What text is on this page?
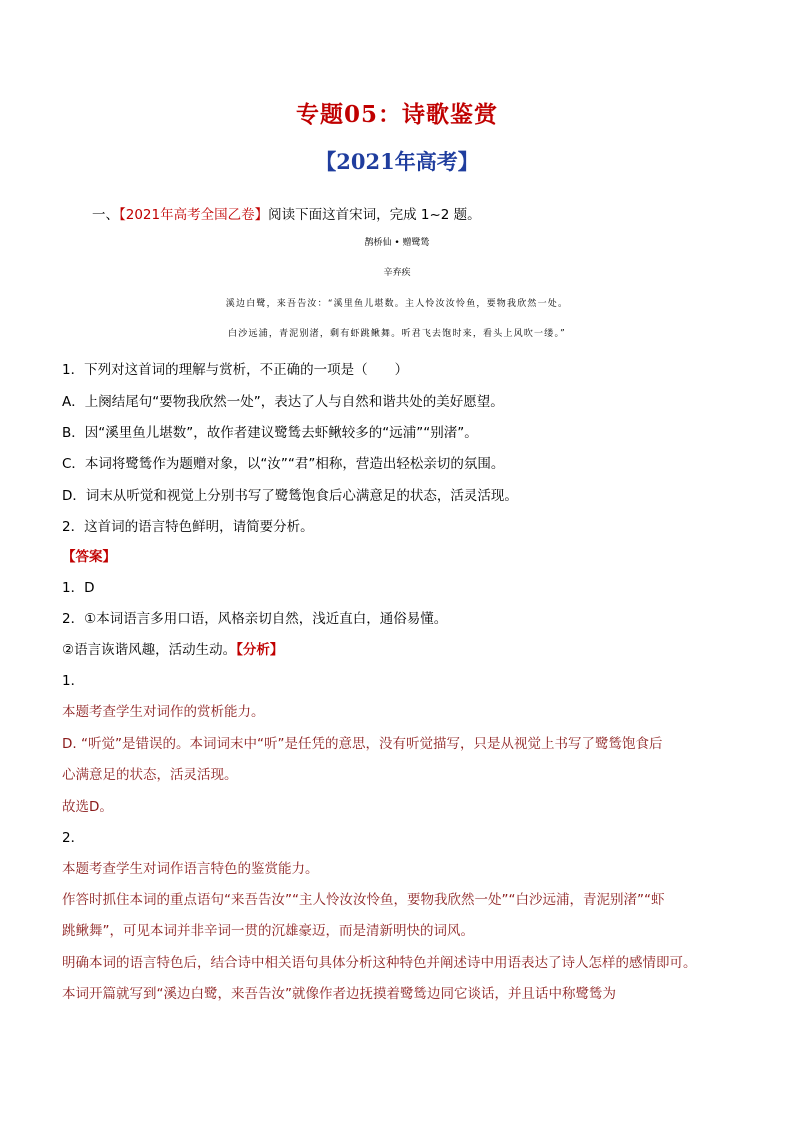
专题05：诗歌鉴赏
【2021年高考】
一、【2021年高考全国乙卷】阅读下面这首宋词，完成 1~2 题。
鹊桥仙 • 赠鹭鸶
辛弃疾
溪边白鹭，来吾告汝：“溪里鱼儿堪数。主人怜汝汝怜鱼，要物我欣然一处。
白沙远浦，青泥别渚，剩有虾跳鳅舞。听君飞去饱时来，看头上风吹一缕。”
1．下列对这首词的理解与赏析，不正确的一项是（　　）
A．上阕结尾句“要物我欣然一处”，表达了人与自然和谐共处的美好愿望。
B．因“溪里鱼儿堪数”，故作者建议鹭鸶去虾鳅较多的“远浦”“别渚”。
C．本词将鹭鸶作为题赠对象，以“汝”“君”相称，营造出轻松亲切的氛围。
D．词末从听觉和视觉上分别书写了鹭鸶饱食后心满意足的状态，活灵活现。
2．这首词的语言特色鲜明，请简要分析。
【答案】
1．D
2．①本词语言多用口语，风格亲切自然，浅近直白，通俗易懂。
②语言诙谐风趣，活动生动。【分析】
1．
本题考查学生对词作的赏析能力。
D. “听觉”是错误的。本词词末中“听”是任凭的意思，没有听觉描写，只是从视觉上书写了鹭鸶饱食后
心满意足的状态，活灵活现。
故选D。
2．
本题考查学生对词作语言特色的鉴赏能力。
作答时抓住本词的重点语句“来吾告汝”“主人怜汝汝怜鱼，要物我欣然一处”“白沙远浦，青泥别渚”“虾
跳鳅舞”，可见本词并非辛词一贯的沉雄豪迈，而是清新明快的词风。
明确本词的语言特色后，结合诗中相关语句具体分析这种特色并阐述诗中用语表达了诗人怎样的感情即可。
本词开篇就写到“溪边白鹭，来吾告汝”就像作者边抚摸着鹭鸶边同它谈话，并且话中称鹭鸶为
